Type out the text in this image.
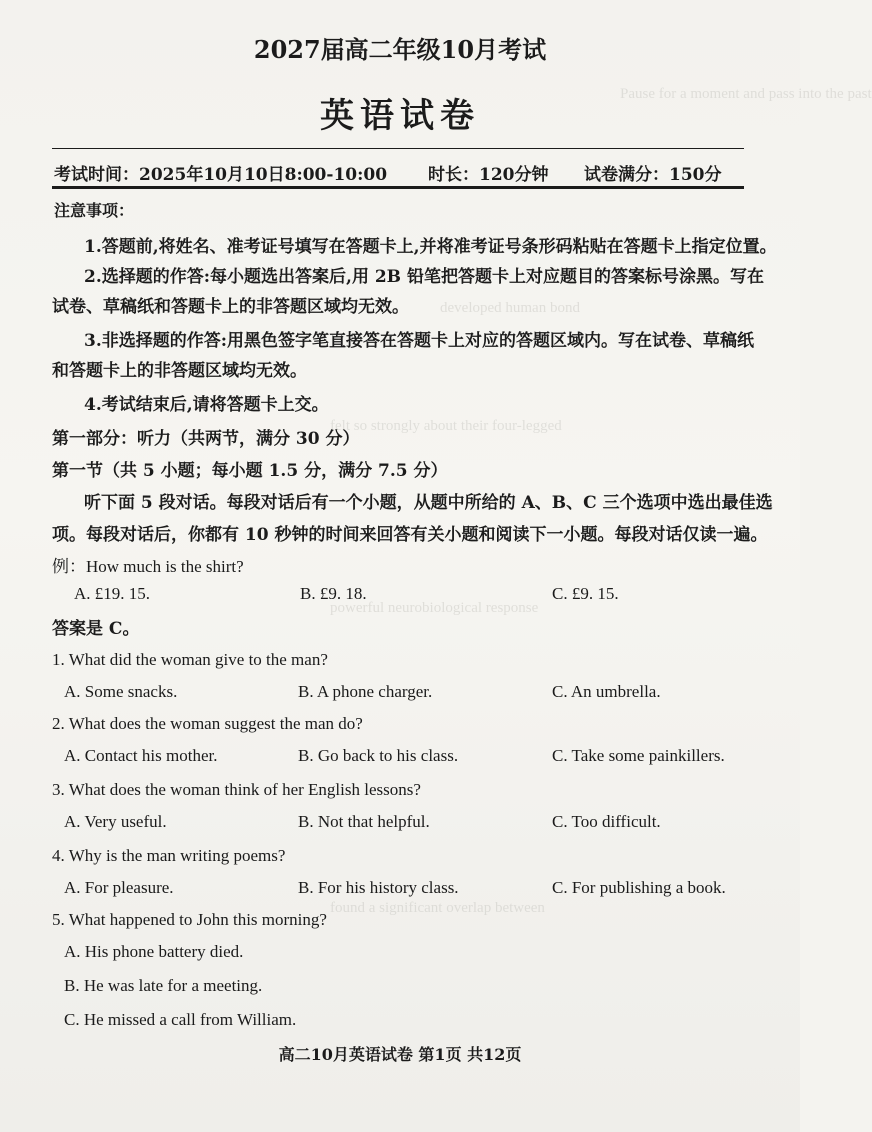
Pause for a moment and pass into the past
developed human bond
felt so strongly about their four-legged
powerful neurobiological response
found a significant overlap between
2027届高二年级10月考试
英语试卷
考试时间：2025年10月10日8:00-10:00 时长：120分钟 试卷满分：150分
注意事项：
1.答题前,将姓名、准考证号填写在答题卡上,并将准考证号条形码粘贴在答题卡上指定位置。
2.选择题的作答:每小题选出答案后,用 2B 铅笔把答题卡上对应题目的答案标号涂黑。写在
试卷、草稿纸和答题卡上的非答题区域均无效。
3.非选择题的作答:用黑色签字笔直接答在答题卡上对应的答题区域内。写在试卷、草稿纸
和答题卡上的非答题区域均无效。
4.考试结束后,请将答题卡上交。
第一部分：听力（共两节，满分 30 分）
第一节（共 5 小题；每小题 1.5 分，满分 7.5 分）
听下面 5 段对话。每段对话后有一个小题，从题中所给的 A、B、C 三个选项中选出最佳选
项。每段对话后，你都有 10 秒钟的时间来回答有关小题和阅读下一小题。每段对话仅读一遍。
例：How much is the shirt?
A. £19. 15.	B. £9. 18.	C. £9. 15.
答案是 C。
1. What did the woman give to the man?
A. Some snacks.	B. A phone charger.	C. An umbrella.
2. What does the woman suggest the man do?
A. Contact his mother.	B. Go back to his class.	C. Take some painkillers.
3. What does the woman think of her English lessons?
A. Very useful.	B. Not that helpful.	C. Too difficult.
4. Why is the man writing poems?
A. For pleasure.	B. For his history class.	C. For publishing a book.
5. What happened to John this morning?
A. His phone battery died.
B. He was late for a meeting.
C. He missed a call from William.
高二10月英语试卷 第1页 共12页
